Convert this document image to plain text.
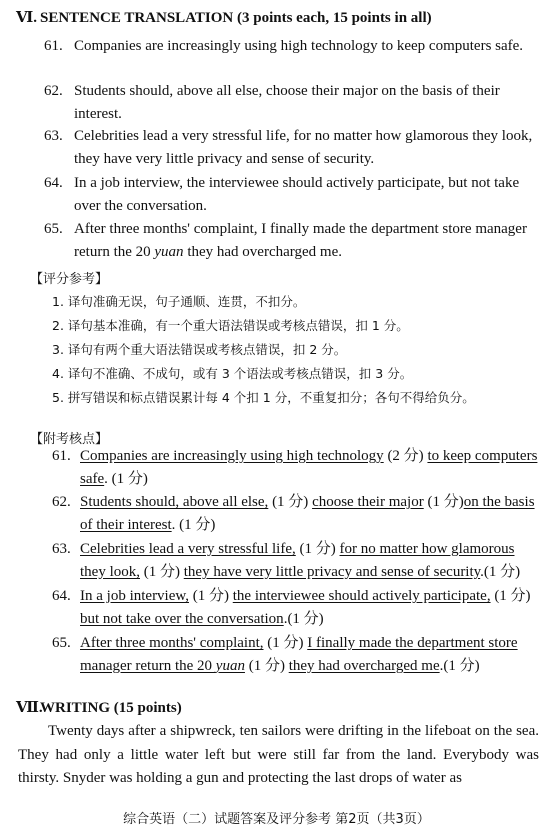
Ⅵ. SENTENCE TRANSLATION (3 points each, 15 points in all)
61. Companies are increasingly using high technology to keep computers safe.
62. Students should, above all else, choose their major on the basis of their interest.
63. Celebrities lead a very stressful life, for no matter how glamorous they look, they have very little privacy and sense of security.
64. In a job interview, the interviewee should actively participate, but not take over the conversation.
65. After three months' complaint, I finally made the department store manager return the 20 yuan they had overcharged me.
【评分参考】
1. 译句准确无误，句子通顺、连贯，不扣分。
2. 译句基本准确，有一个重大语法错误或考核点错误，扣 1 分。
3. 译句有两个重大语法错误或考核点错误，扣 2 分。
4. 译句不准确、不成句，或有 3 个语法或考核点错误，扣 3 分。
5. 拼写错误和标点错误累计每 4 个扣 1 分，不重复扣分；各句不得给负分。
【附考核点】
61. Companies are increasingly using high technology (2 分) to keep computers safe. (1 分)
62. Students should, above all else, (1 分) choose their major (1 分)on the basis of their interest. (1 分)
63. Celebrities lead a very stressful life, (1 分) for no matter how glamorous they look, (1 分) they have very little privacy and sense of security.(1 分)
64. In a job interview, (1 分) the interviewee should actively participate, (1 分) but not take over the conversation.(1 分)
65. After three months' complaint, (1 分) I finally made the department store manager return the 20 yuan (1 分) they had overcharged me.(1 分)
Ⅶ.WRITING (15 points)
Twenty days after a shipwreck, ten sailors were drifting in the lifeboat on the sea. They had only a little water left but were still far from the land. Everybody was thirsty. Snyder was holding a gun and protecting the last drops of water as
综合英语（二）试题答案及评分参考 第2页（共3页）
